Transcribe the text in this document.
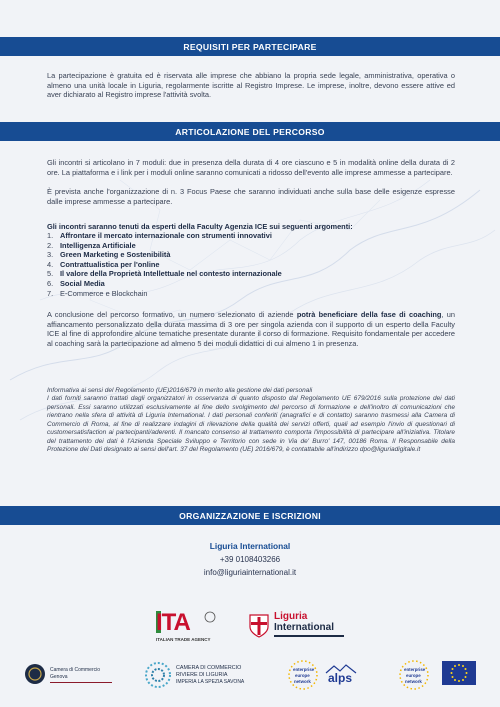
REQUISITI PER PARTECIPARE

La partecipazione è gratuita ed è riservata alle imprese che abbiano la propria sede legale, amministrativa, operativa o almeno una unità locale in Liguria, regolarmente iscritte al Registro Imprese. Le imprese, inoltre, devono essere attive ed aver dichiarato al Registro imprese l'attività svolta.

ARTICOLAZIONE DEL PERCORSO

Gli incontri si articolano in 7 moduli: due in presenza della durata di 4 ore ciascuno e 5 in modalità online della durata di 2 ore. La piattaforma e i link per i moduli online saranno comunicati a ridosso dell'evento alle imprese ammesse a partecipare.

È prevista anche l'organizzazione di n. 3 Focus Paese che saranno individuati anche sulla base delle esigenze espresse dalle imprese ammesse a partecipare.

Gli incontri saranno tenuti da esperti della Faculty Agenzia ICE sui seguenti argomenti:

1. Affrontare il mercato internazionale con strumenti innovativi
2. Intelligenza Artificiale
3. Green Marketing e Sostenibilità
4. Contrattualistica per l'online
5. Il valore della Proprietà Intellettuale nel contesto internazionale
6. Social Media
7. E-Commerce e Blockchain

A conclusione del percorso formativo, un numero selezionato di aziende potrà beneficiare della fase di coaching, un affiancamento personalizzato della durata massima di 3 ore per singola azienda con il supporto di un esperto della Faculty ICE al fine di approfondire alcune tematiche presentate durante il corso di formazione. Requisito fondamentale per accedere al coaching sarà la partecipazione ad almeno 5 dei moduli didattici di cui almeno 1 in presenza.

Informativa ai sensi del Regolamento (UE)2016/679 in merito alla gestione dei dati personali

I dati forniti saranno trattati dagli organizzatori in osservanza di quanto disposto dal Regolamento UE 679/2016 sulla protezione dei dati personali. Essi saranno utilizzati esclusivamente al fine dello svolgimento del percorso di formazione e dell'inoltro di comunicazioni che rientrano nella sfera di attività di Liguria International. I dati personali conferiti (anagrafici e di contatto) saranno trasmessi alla Camera di Commercio di Roma, al fine di realizzare indagini di rilevazione della qualità dei servizi offerti, quali ad esempio l'invio di questionari di customersatisfaction ai partecipanti/aderenti. Il mancato consenso al trattamento comporta l'impossibilità di partecipare all'iniziativa. Titolare del trattamento dei dati è l'Azienda Speciale Sviluppo e Territorio con sede in Via de' Burro' 147, 00186 Roma. Il Responsabile della Protezione dei Dati designato ai sensi dell'art. 37 del Regolamento (UE) 2016/679, è contattabile all'indirizzo dpo@liguriadigitale.it

ORGANIZZAZIONE E ISCRIZIONI
Liguria International
+39 0108403266
info@liguriainternational.it
ITA
ITALIAN TRADE AGENCY
Liguria
International
Camera di Commercio
Genova
CAMERA DI COMMERCIO
RIVIERE DI LIGURIA
IMPERIA LA SPEZIA SAVONA
enterprise
europe
network alps
enterprise
europe
network
